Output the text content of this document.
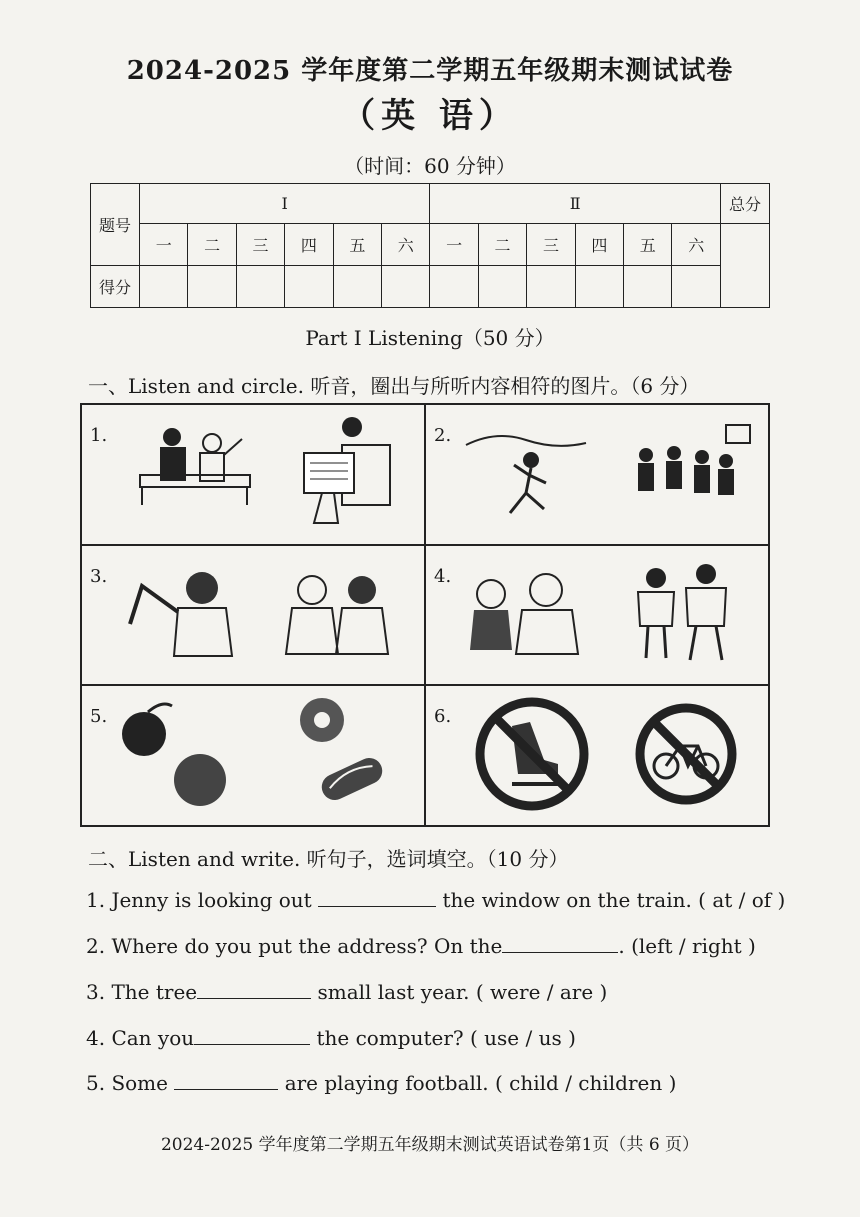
2024-2025 学年度第二学期五年级期末测试试卷
（英 语）
（时间：60 分钟）
题号	I						Ⅱ						总分
	一	二	三	四	五	六	一	二	三	四	五	六	
得分													
Part I Listening（50 分）
一、Listen and circle. 听音，圈出与所听内容相符的图片。（6 分）
1.	2.
3.	4.
5.	6.
二、Listen and write. 听句子，选词填空。（10 分）
1. Jenny is looking out	the window on the train. ( at / of )
2. Where do you put the address? On the	. (left / right )
3. The tree	small last year. ( were / are )
4. Can you	the computer? ( use / us )
5. Some	are playing football. ( child / children )
2024-2025 学年度第二学期五年级期末测试英语试卷第1页（共 6 页）
